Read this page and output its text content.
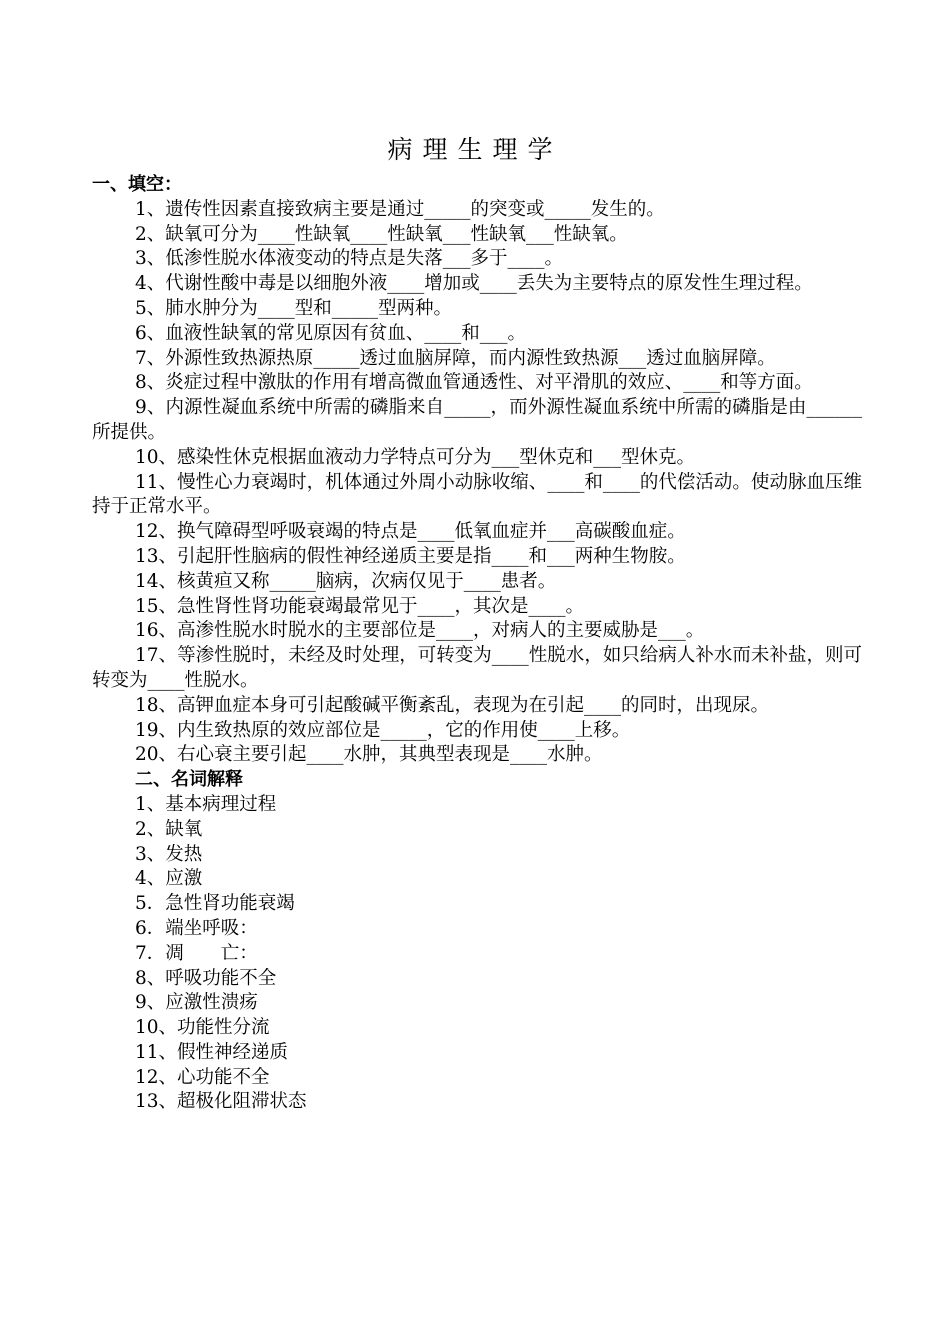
病理生理学

一、填空：

1、遗传性因素直接致病主要是通过_____的突变或_____发生的。

2、缺氧可分为____性缺氧____性缺氧___性缺氧___性缺氧。

3、低渗性脱水体液变动的特点是失落___多于____。

4、代谢性酸中毒是以细胞外液____增加或____丢失为主要特点的原发性生理过程。

5、肺水肿分为____型和_____型两种。

6、血液性缺氧的常见原因有贫血、____和___。

7、外源性致热源热原_____透过血脑屏障，而内源性致热源___透过血脑屏障。

8、炎症过程中激肽的作用有增高微血管通透性、对平滑肌的效应、____和等方面。

9、内源性凝血系统中所需的磷脂来自_____，而外源性凝血系统中所需的磷脂是由______所提供。

10、感染性休克根据血液动力学特点可分为___型休克和___型休克。

11、慢性心力衰竭时，机体通过外周小动脉收缩、____和____的代偿活动。使动脉血压维持于正常水平。

12、换气障碍型呼吸衰竭的特点是____低氧血症并___高碳酸血症。

13、引起肝性脑病的假性神经递质主要是指____和___两种生物胺。

14、核黄疸又称_____脑病，次病仅见于____患者。

15、急性肾性肾功能衰竭最常见于____，其次是____。

16、高渗性脱水时脱水的主要部位是____，对病人的主要威胁是___。

17、等渗性脱时，未经及时处理，可转变为____性脱水，如只给病人补水而未补盐，则可转变为____性脱水。

18、高钾血症本身可引起酸碱平衡紊乱，表现为在引起____的同时，出现尿。

19、内生致热原的效应部位是_____，它的作用使____上移。

20、右心衰主要引起____水肿，其典型表现是____水肿。

二、名词解释

1、基本病理过程

2、缺氧

3、发热

4、应激

5．急性肾功能衰竭

6．端坐呼吸：

7．凋　　亡：

8、呼吸功能不全

9、应激性溃疡

10、功能性分流

11、假性神经递质

12、心功能不全

13、超极化阻滞状态
